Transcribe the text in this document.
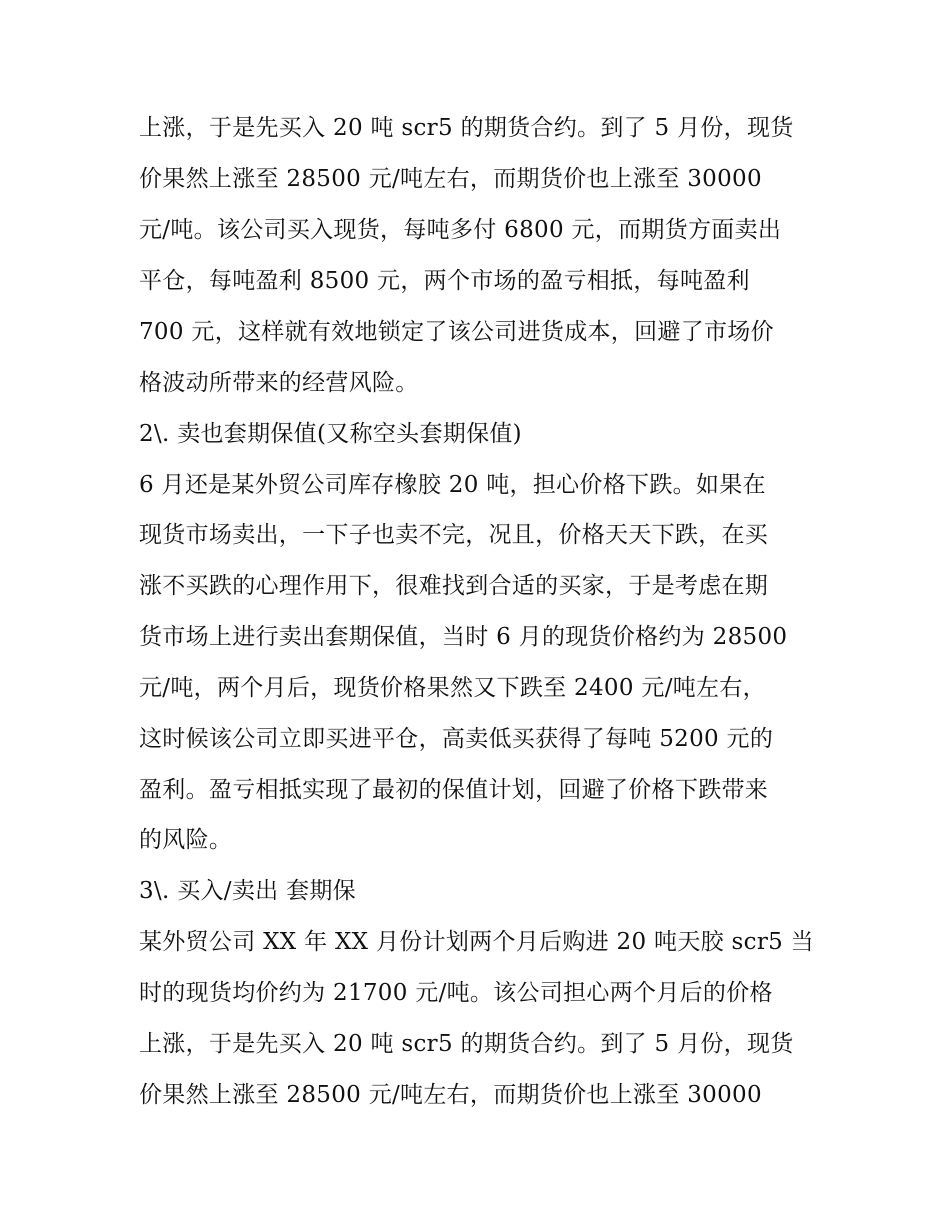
上涨，于是先买入 20 吨 scr5 的期货合约。到了 5 月份，现货
价果然上涨至 28500 元/吨左右，而期货价也上涨至 30000
元/吨。该公司买入现货，每吨多付 6800 元，而期货方面卖出
平仓，每吨盈利 8500 元，两个市场的盈亏相抵，每吨盈利
700 元，这样就有效地锁定了该公司进货成本，回避了市场价
格波动所带来的经营风险。
2\. 卖也套期保值(又称空头套期保值)
6 月还是某外贸公司库存橡胶 20 吨，担心价格下跌。如果在
现货市场卖出，一下子也卖不完，况且，价格天天下跌，在买
涨不买跌的心理作用下，很难找到合适的买家，于是考虑在期
货市场上进行卖出套期保值，当时 6 月的现货价格约为 28500
元/吨，两个月后，现货价格果然又下跌至 2400 元/吨左右，
这时候该公司立即买进平仓，高卖低买获得了每吨 5200 元的
盈利。盈亏相抵实现了最初的保值计划，回避了价格下跌带来
的风险。
3\. 买入/卖出 套期保
某外贸公司 XX 年 XX 月份计划两个月后购进 20 吨天胶 scr5 当
时的现货均价约为 21700 元/吨。该公司担心两个月后的价格
上涨，于是先买入 20 吨 scr5 的期货合约。到了 5 月份，现货
价果然上涨至 28500 元/吨左右，而期货价也上涨至 30000
